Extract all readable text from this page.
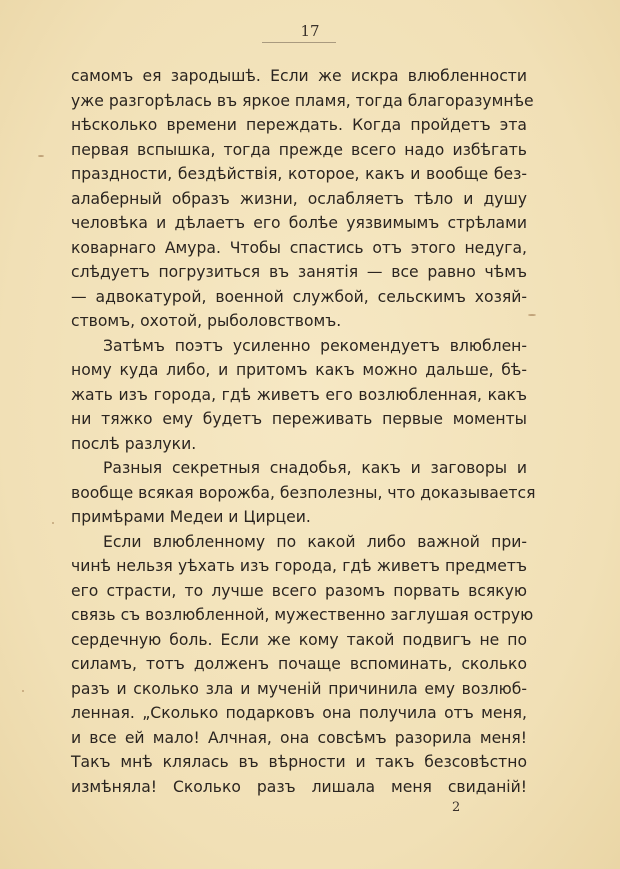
17
самомъ ея зародышѣ. Если же искра влюбленности
уже разгорѣлась въ яркое пламя, тогда благоразумнѣе
нѣсколько времени переждать. Когда пройдетъ эта
первая вспышка, тогда прежде всего надо избѣгать
праздности, бездѣйствія, которое, какъ и вообще без-
алаберный образъ жизни, ослабляетъ тѣло и душу
человѣка и дѣлаетъ его болѣе уязвимымъ стрѣлами
коварнаго Амура. Чтобы спастись отъ этого недуга,
слѣдуетъ погрузиться въ занятія — все равно чѣмъ
— адвокатурой, военной службой, сельскимъ хозяй-
ствомъ, охотой, рыболовствомъ.
Затѣмъ поэтъ усиленно рекомендуетъ влюблен-
ному куда либо, и притомъ какъ можно дальше, бѣ-
жать изъ города, гдѣ живетъ его возлюбленная, какъ
ни тяжко ему будетъ переживать первые моменты
послѣ разлуки.
Разныя секретныя снадобья, какъ и заговоры и
вообще всякая ворожба, безполезны, что доказывается
примѣрами Медеи и Цирцеи.
Если влюбленному по какой либо важной при-
чинѣ нельзя уѣхать изъ города, гдѣ живетъ предметъ
его страсти, то лучше всего разомъ порвать всякую
связь съ возлюбленной, мужественно заглушая острую
сердечную боль. Если же кому такой подвигъ не по
силамъ, тотъ долженъ почаще вспоминать, сколько
разъ и сколько зла и мученій причинила ему возлюб-
ленная. „Сколько подарковъ она получила отъ меня,
и все ей мало! Алчная, она совсѣмъ разорила меня!
Такъ мнѣ клялась въ вѣрности и такъ безсовѣстно
измѣняла! Сколько разъ лишала меня свиданій!
2
